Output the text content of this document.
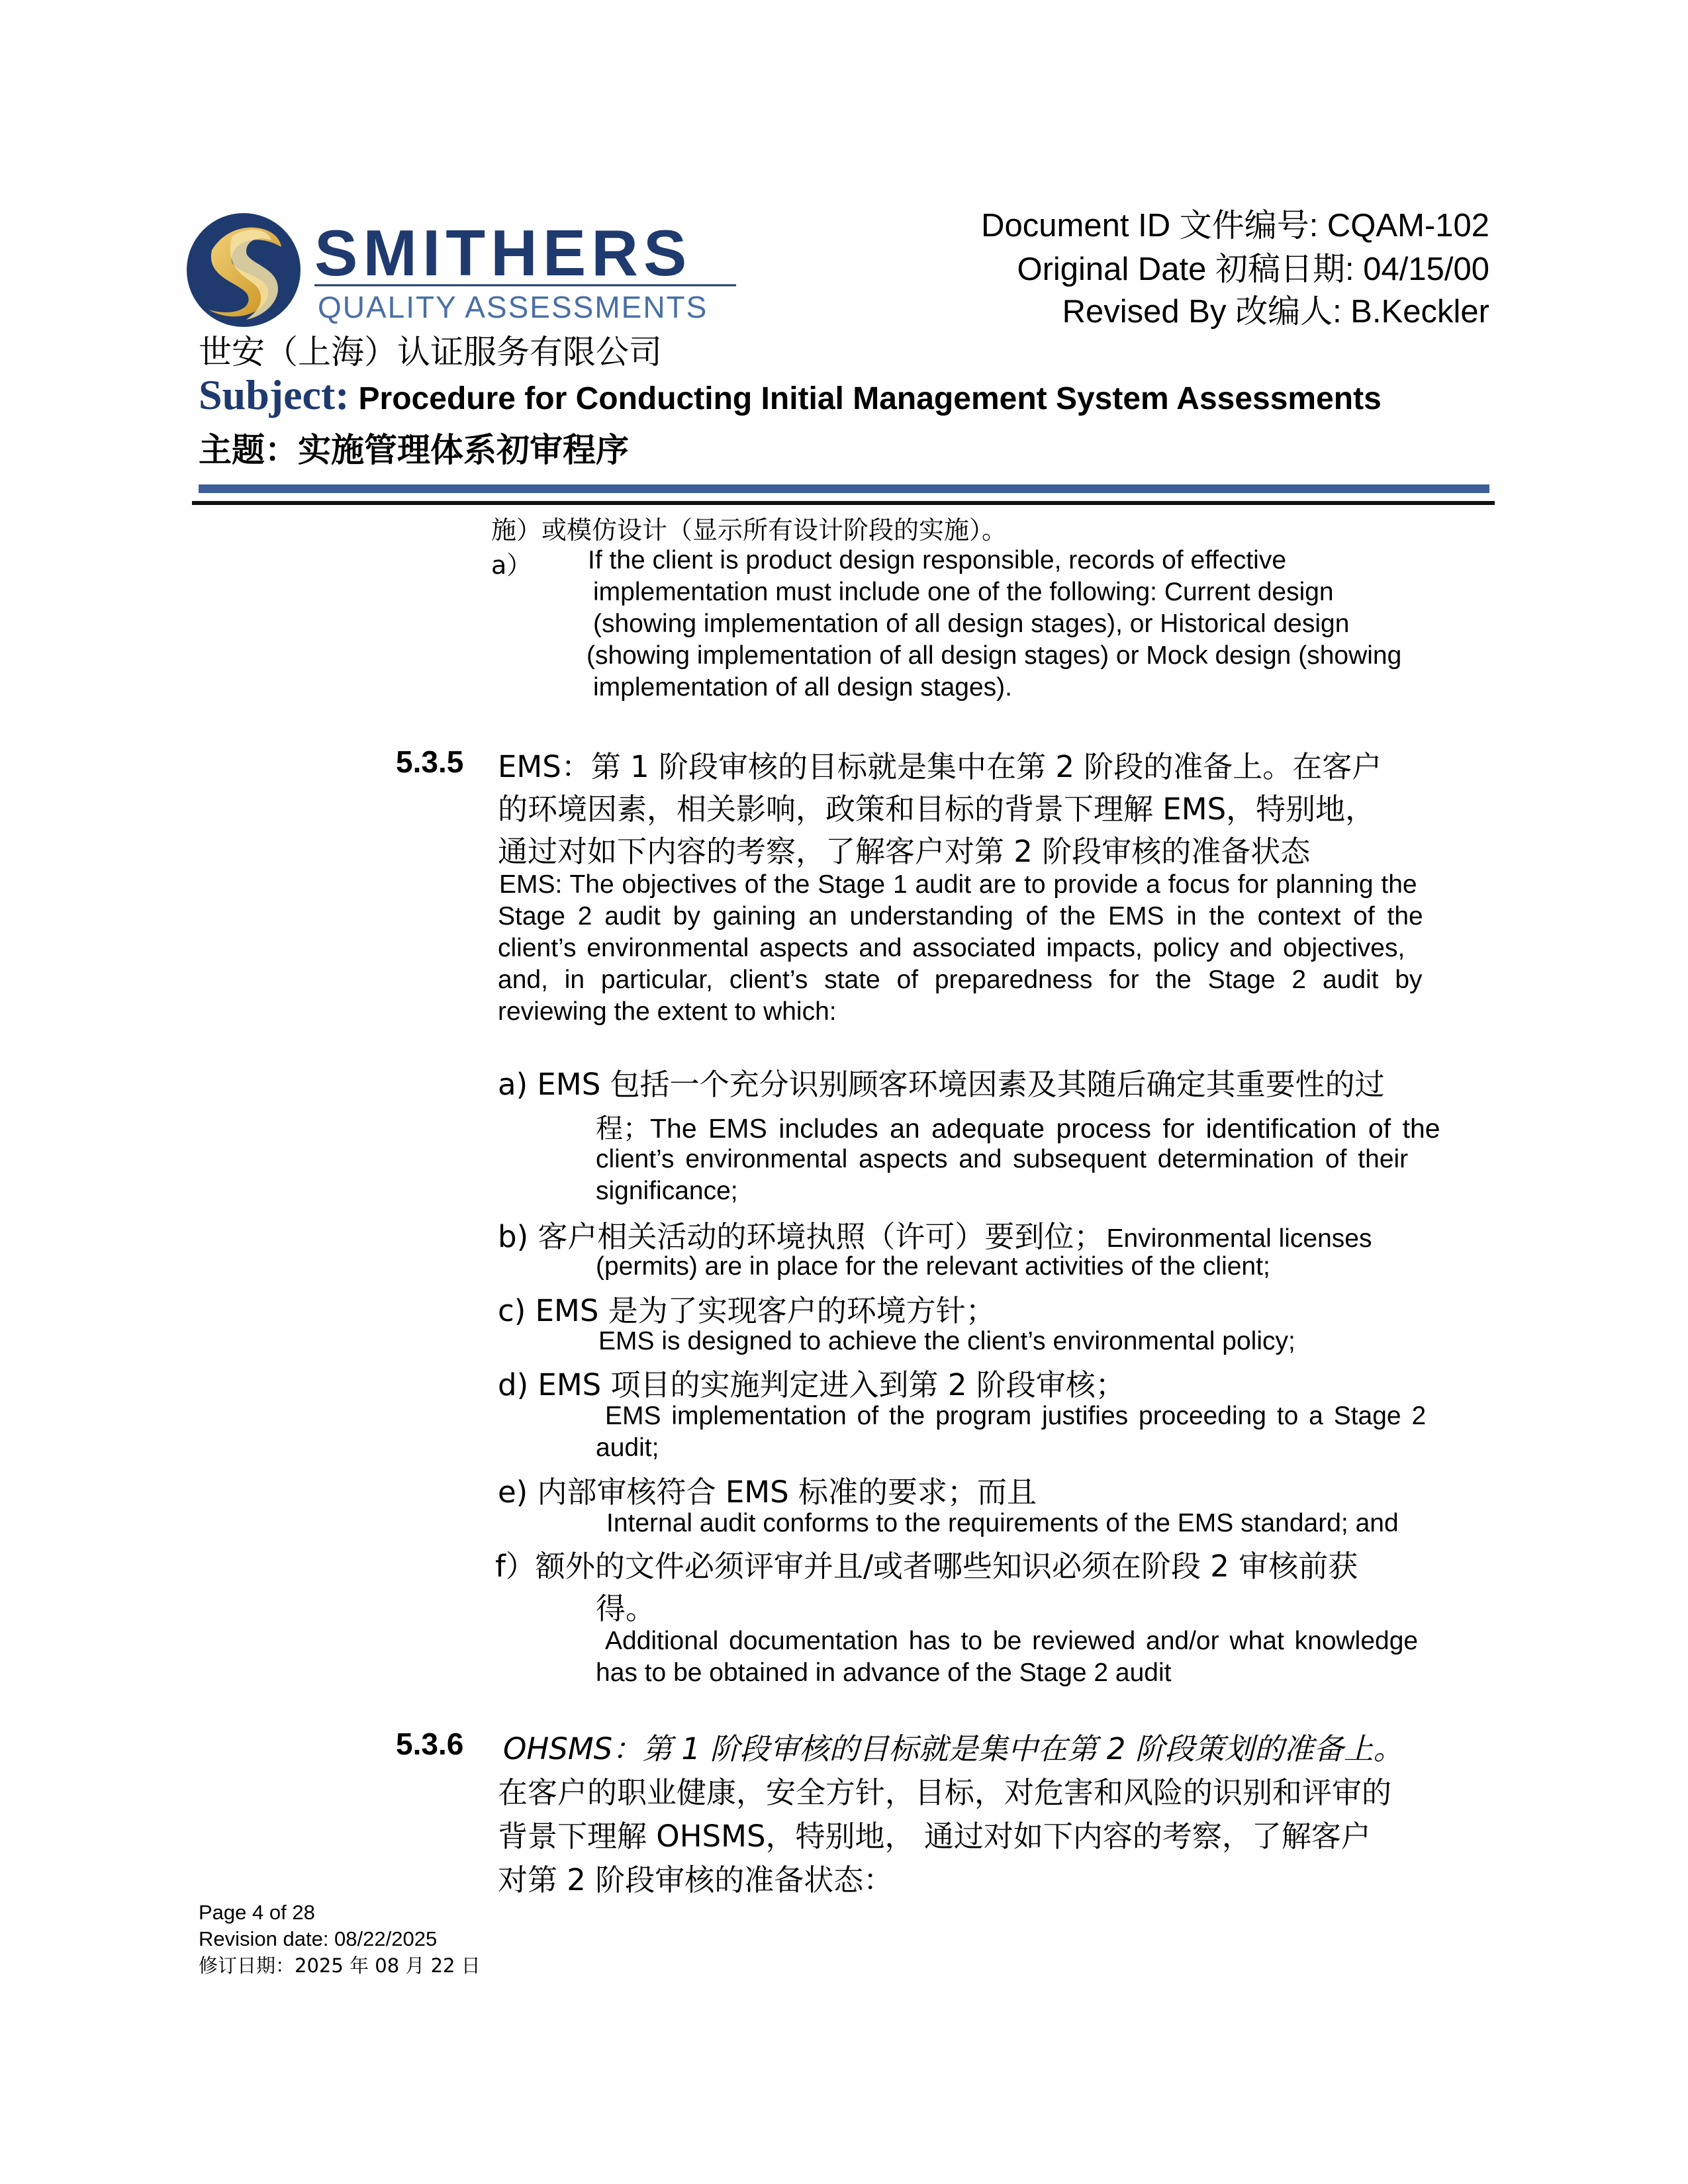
SMITHERS
QUALITY ASSESSMENTS
Document ID 文件编号: CQAM-102
Original Date 初稿日期: 04/15/00
Revised By 改编人: B.Keckler
世安（上海）认证服务有限公司
Subject: Procedure for Conducting Initial Management System Assessments
主题：实施管理体系初审程序
施）或模仿设计（显示所有设计阶段的实施）。
a） If the client is product design responsible, records of effective
implementation must include one of the following: Current design
(showing implementation of all design stages), or Historical design
(showing implementation of all design stages) or Mock design (showing
implementation of all design stages).
5.3.5 EMS：第 1 阶段审核的目标就是集中在第 2 阶段的准备上。在客户
的环境因素，相关影响，政策和目标的背景下理解 EMS，特别地，
通过对如下内容的考察，了解客户对第 2 阶段审核的准备状态
EMS: The objectives of the Stage 1 audit are to provide a focus for planning the
Stage 2 audit by gaining an understanding of the EMS in the context of the
client’s environmental aspects and associated impacts, policy and objectives,
and, in particular, client’s state of preparedness for the Stage 2 audit by
reviewing the extent to which:
a) EMS 包括一个充分识别顾客环境因素及其随后确定其重要性的过
程；The EMS includes an adequate process for identification of the
client’s environmental aspects and subsequent determination of their
significance;
b) 客户相关活动的环境执照（许可）要到位； Environmental licenses
(permits) are in place for the relevant activities of the client;
c) EMS 是为了实现客户的环境方针；
EMS is designed to achieve the client’s environmental policy;
d) EMS 项目的实施判定进入到第 2 阶段审核；
EMS implementation of the program justifies proceeding to a Stage 2
audit;
e) 内部审核符合 EMS 标准的要求；而且
Internal audit conforms to the requirements of the EMS standard; and
f）额外的文件必须评审并且/或者哪些知识必须在阶段 2 审核前获
得。
Additional documentation has to be reviewed and/or what knowledge
has to be obtained in advance of the Stage 2 audit
5.3.6 OHSMS：第 1 阶段审核的目标就是集中在第 2 阶段策划的准备上。
在客户的职业健康，安全方针，目标，对危害和风险的识别和评审的
背景下理解 OHSMS，特别地， 通过对如下内容的考察，了解客户
对第 2 阶段审核的准备状态：
Page 4 of 28
Revision date: 08/22/2025
修订日期：2025 年 08 月 22 日
